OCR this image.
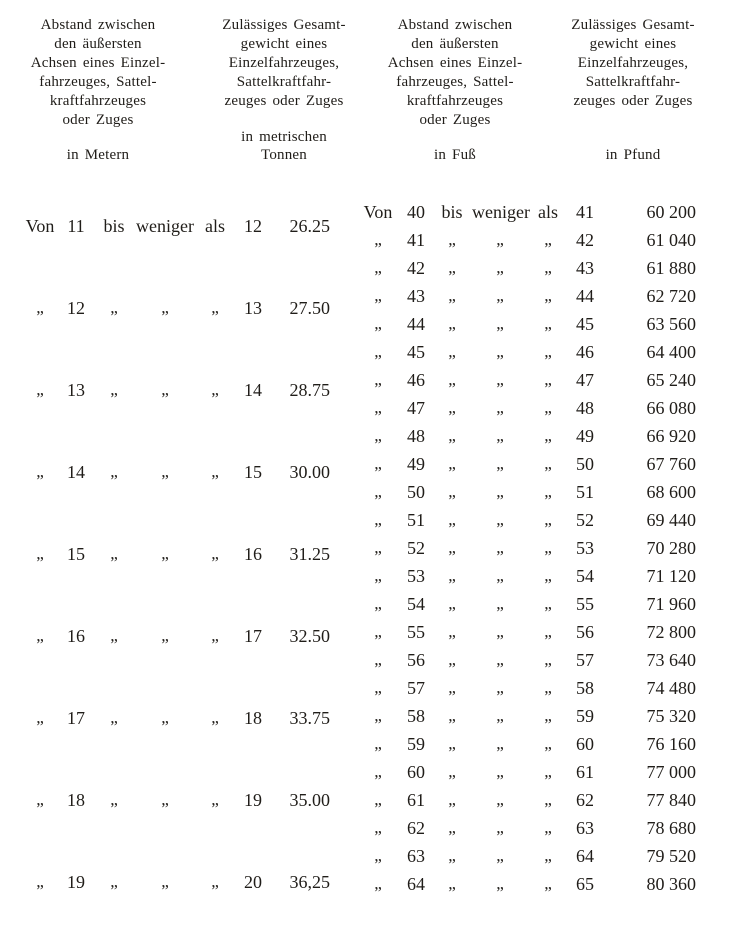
Abstand zwischen
den äußersten
Achsen eines Einzel-
fahrzeuges, Sattel-
kraftfahrzeuges
oder Zuges
in Metern
Zulässiges Gesamt-
gewicht eines
Einzelfahrzeuges,
Sattelkraftfahr-
zeuges oder Zuges
in metrischen
Tonnen
Von 11	bis weniger als	12	26.25
„	12	„	„	„	13	27.50
„	13	„	„	„	14	28.75
„	14	„	„	„	15	30.00
„	15	„	„	„	16	31.25
„	16	„	„	„	17	32.50
„	17	„	„	„	18	33.75
„	18	„	„	„	19	35.00
„	19	„	„	„	20	36,25
Abstand zwischen
den äußersten
Achsen eines Einzel-
fahrzeuges, Sattel-
kraftfahrzeuges
oder Zuges
in Fuß
Zulässiges Gesamt-
gewicht eines
Einzelfahrzeuges,
Sattelkraftfahr-
zeuges oder Zuges
in Pfund
Von 40 bis weniger als	41	60 200
„	41	„	„	„	42	61 040
„	42	„	„	„	43	61 880
„	43	„	„	„	44	62 720
„	44	„	„	„	45	63 560
„	45	„	„	„	46	64 400
„	46	„	„	„	47	65 240
„	47	„	„	„	48	66 080
„	48	„	„	„	49	66 920
„	49	„	„	„	50	67 760
„	50	„	„	„	51	68 600
„	51	„	„	„	52	69 440
„	52	„	„	„	53	70 280
„	53	„	„	„	54	71 120
„	54	„	„	„	55	71 960
„	55	„	„	„	56	72 800
„	56	„	„	„	57	73 640
„	57	„	„	„	58	74 480
„	58	„	„	„	59	75 320
„	59	„	„	„	60	76 160
„	60	„	„	„	61	77 000
„	61	„	„	„	62	77 840
„	62	„	„	„	63	78 680
„	63	„	„	„	64	79 520
„	64	„	„	„	65	80 360
